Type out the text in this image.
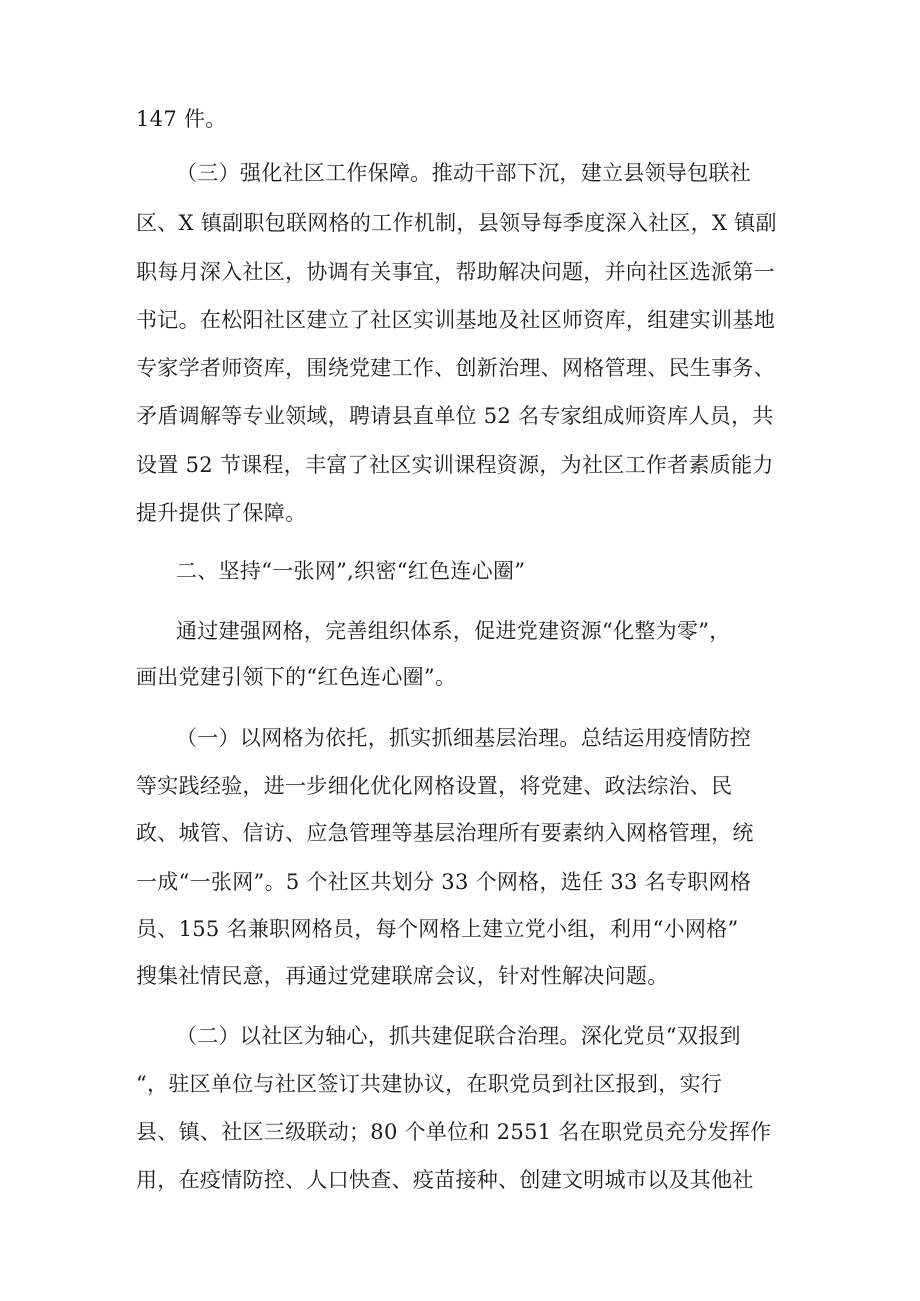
147 件。
（三）强化社区工作保障。推动干部下沉，建立县领导包联社
区、X 镇副职包联网格的工作机制，县领导每季度深入社区，X 镇副
职每月深入社区，协调有关事宜，帮助解决问题，并向社区选派第一
书记。在松阳社区建立了社区实训基地及社区师资库，组建实训基地
专家学者师资库，围绕党建工作、创新治理、网格管理、民生事务、
矛盾调解等专业领域，聘请县直单位 52 名专家组成师资库人员，共
设置 52 节课程，丰富了社区实训课程资源，为社区工作者素质能力
提升提供了保障。
二、坚持“一张网”,织密“红色连心圈”
通过建强网格，完善组织体系，促进党建资源“化整为零”，
画出党建引领下的“红色连心圈”。
（一）以网格为依托，抓实抓细基层治理。总结运用疫情防控
等实践经验，进一步细化优化网格设置，将党建、政法综治、民
政、城管、信访、应急管理等基层治理所有要素纳入网格管理，统
一成“一张网”。5 个社区共划分 33 个网格，选任 33 名专职网格
员、155 名兼职网格员，每个网格上建立党小组，利用“小网格”
搜集社情民意，再通过党建联席会议，针对性解决问题。
（二）以社区为轴心，抓共建促联合治理。深化党员“双报到
“，驻区单位与社区签订共建协议，在职党员到社区报到，实行
县、镇、社区三级联动；80 个单位和 2551 名在职党员充分发挥作
用，在疫情防控、人口快查、疫苗接种、创建文明城市以及其他社
